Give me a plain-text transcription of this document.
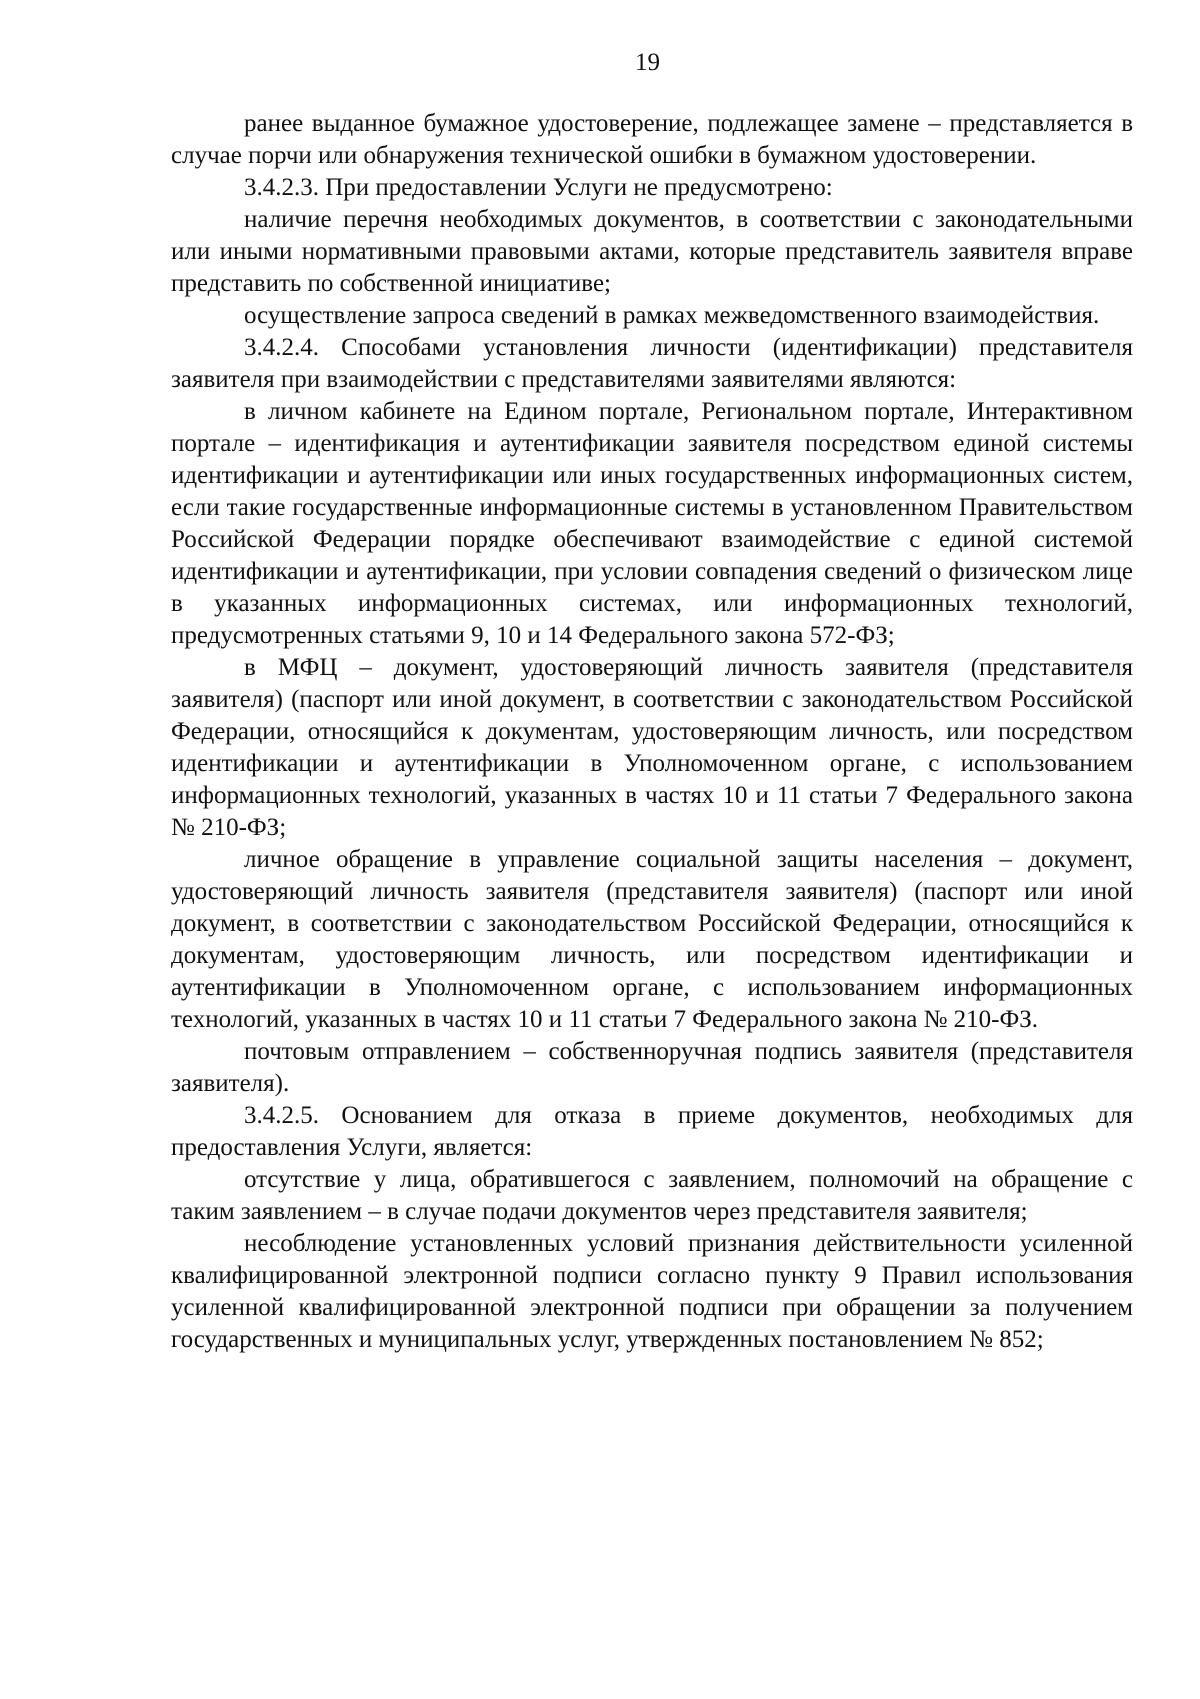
19

ранее выданное бумажное удостоверение, подлежащее замене – представляется в случае порчи или обнаружения технической ошибки в бумажном удостоверении.

3.4.2.3. При предоставлении Услуги не предусмотрено:

наличие перечня необходимых документов, в соответствии с законодательными или иными нормативными правовыми актами, которые представитель заявителя вправе представить по собственной инициативе;

осуществление запроса сведений в рамках межведомственного взаимодействия.

3.4.2.4. Способами установления личности (идентификации) представителя заявителя при взаимодействии с представителями заявителями являются:

в личном кабинете на Едином портале, Региональном портале, Интерактивном портале – идентификация и аутентификации заявителя посредством единой системы идентификации и аутентификации или иных государственных информационных систем, если такие государственные информационные системы в установленном Правительством Российской Федерации порядке обеспечивают взаимодействие с единой системой идентификации и аутентификации, при условии совпадения сведений о физическом лице в указанных информационных системах, или информационных технологий, предусмотренных статьями 9, 10 и 14 Федерального закона 572-ФЗ;

в МФЦ – документ, удостоверяющий личность заявителя (представителя заявителя) (паспорт или иной документ, в соответствии с законодательством Российской Федерации, относящийся к документам, удостоверяющим личность, или посредством идентификации и аутентификации в Уполномоченном органе, с использованием информационных технологий, указанных в частях 10 и 11 статьи 7 Федерального закона № 210-ФЗ;

личное обращение в управление социальной защиты населения – документ, удостоверяющий личность заявителя (представителя заявителя) (паспорт или иной документ, в соответствии с законодательством Российской Федерации, относящийся к документам, удостоверяющим личность, или посредством идентификации и аутентификации в Уполномоченном органе, с использованием информационных технологий, указанных в частях 10 и 11 статьи 7 Федерального закона № 210-ФЗ.

почтовым отправлением – собственноручная подпись заявителя (представителя заявителя).

3.4.2.5. Основанием для отказа в приеме документов, необходимых для предоставления Услуги, является:

отсутствие у лица, обратившегося с заявлением, полномочий на обращение с таким заявлением – в случае подачи документов через представителя заявителя;

несоблюдение установленных условий признания действительности усиленной квалифицированной электронной подписи согласно пункту 9 Правил использования усиленной квалифицированной электронной подписи при обращении за получением государственных и муниципальных услуг, утвержденных постановлением № 852;
